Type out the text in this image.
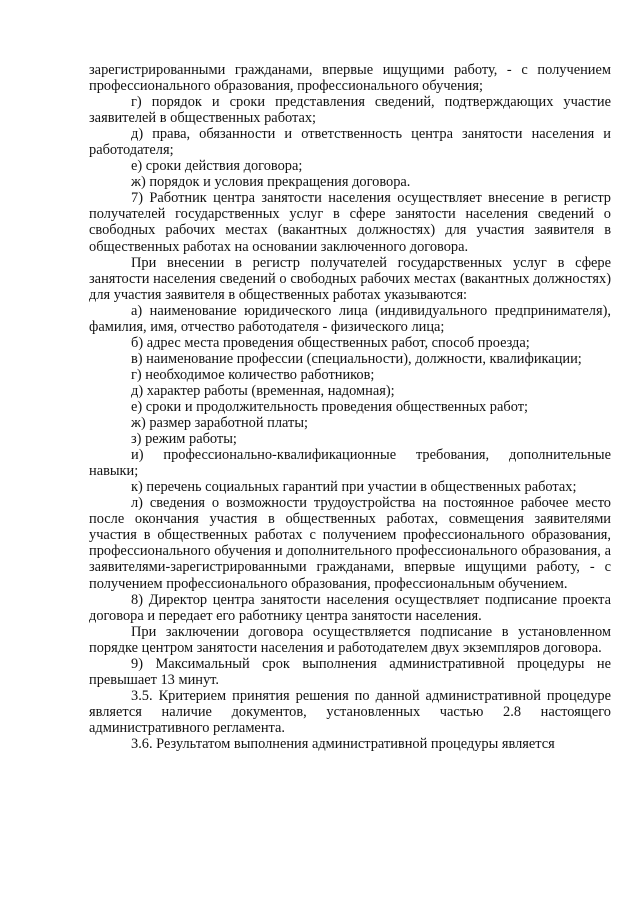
зарегистрированными гражданами, впервые ищущими работу, - с получением профессионального образования, профессионального обучения;

г) порядок и сроки представления сведений, подтверждающих участие заявителей в общественных работах;

д) права, обязанности и ответственность центра занятости населения и работодателя;

е) сроки действия договора;

ж) порядок и условия прекращения договора.

7) Работник центра занятости населения осуществляет внесение в регистр получателей государственных услуг в сфере занятости населения сведений о свободных рабочих местах (вакантных должностях) для участия заявителя в общественных работах на основании заключенного договора.

При внесении в регистр получателей государственных услуг в сфере занятости населения сведений о свободных рабочих местах (вакантных должностях) для участия заявителя в общественных работах указываются:

а) наименование юридического лица (индивидуального предпринимателя), фамилия, имя, отчество работодателя - физического лица;

б) адрес места проведения общественных работ, способ проезда;

в) наименование профессии (специальности), должности, квалификации;

г) необходимое количество работников;

д) характер работы (временная, надомная);

е) сроки и продолжительность проведения общественных работ;

ж) размер заработной платы;

з) режим работы;

и) профессионально-квалификационные требования, дополнительные навыки;

к) перечень социальных гарантий при участии в общественных работах;

л) сведения о возможности трудоустройства на постоянное рабочее место после окончания участия в общественных работах, совмещения заявителями участия в общественных работах с получением профессионального образования, профессионального обучения и дополнительного профессионального образования, а заявителями-зарегистрированными гражданами, впервые ищущими работу, - с получением профессионального образования, профессиональным обучением.

8) Директор центра занятости населения осуществляет подписание проекта договора и передает его работнику центра занятости населения.

При заключении договора осуществляется подписание в установленном порядке центром занятости населения и работодателем двух экземпляров договора.

9) Максимальный срок выполнения административной процедуры не превышает 13 минут.

3.5. Критерием принятия решения по данной административной процедуре является наличие документов, установленных частью 2.8 настоящего административного регламента.

3.6. Результатом выполнения административной процедуры является
